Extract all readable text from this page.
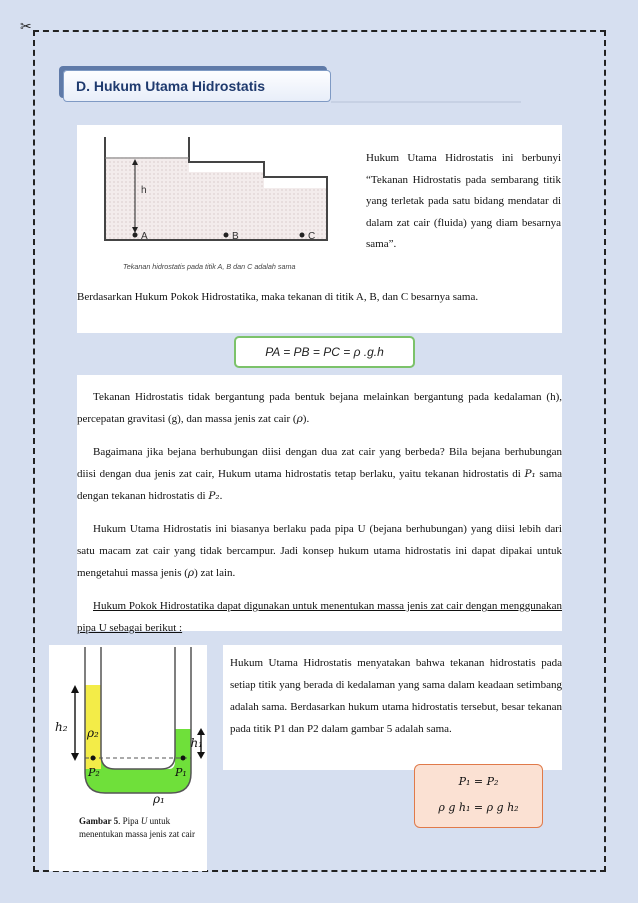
✂
D. Hukum Utama Hidrostatis
h
A	B	C
Tekanan hidrostatis pada titik A, B dan C adalah sama
Hukum Utama Hidrostatis ini berbunyi “Tekanan Hidrostatis pada sembarang titik yang terletak pada satu bidang mendatar di dalam zat cair (fluida) yang diam besarnya sama”.
Berdasarkan Hukum Pokok Hidrostatika, maka tekanan di titik A, B, dan C besarnya sama.
PA = PB = PC = ρ .g.h
Tekanan Hidrostatis tidak bergantung pada bentuk bejana melainkan bergantung pada kedalaman (h), percepatan gravitasi (g), dan massa jenis zat cair (ρ).
Bagaimana jika bejana berhubungan diisi dengan dua zat cair yang berbeda? Bila bejana berhubungan diisi dengan dua jenis zat cair, Hukum utama hidrostatis tetap berlaku, yaitu tekanan hidrostatis di P₁ sama dengan tekanan hidrostatis di P₂.
Hukum Utama Hidrostatis ini biasanya berlaku pada pipa U (bejana berhubungan) yang diisi lebih dari satu macam zat cair yang tidak bercampur. Jadi konsep hukum utama hidrostatis ini dapat dipakai untuk mengetahui massa jenis (ρ) zat lain.
Hukum Pokok Hidrostatika dapat digunakan untuk menentukan massa jenis zat cair dengan menggunakan pipa U sebagai berikut :
h₂
h₁
ρ₂
ρ₁
P₂	P₁
Gambar 5. Pipa U untuk menentukan massa jenis zat cair
Hukum Utama Hidrostatis menyatakan bahwa tekanan hidrostatis pada setiap titik yang berada di kedalaman yang sama dalam keadaan setimbang adalah sama. Berdasarkan hukum utama hidrostatis tersebut, besar tekanan pada titik P1 dan P2 dalam gambar 5 adalah sama.
P₁ = P₂
ρ g h₁ = ρ g h₂
